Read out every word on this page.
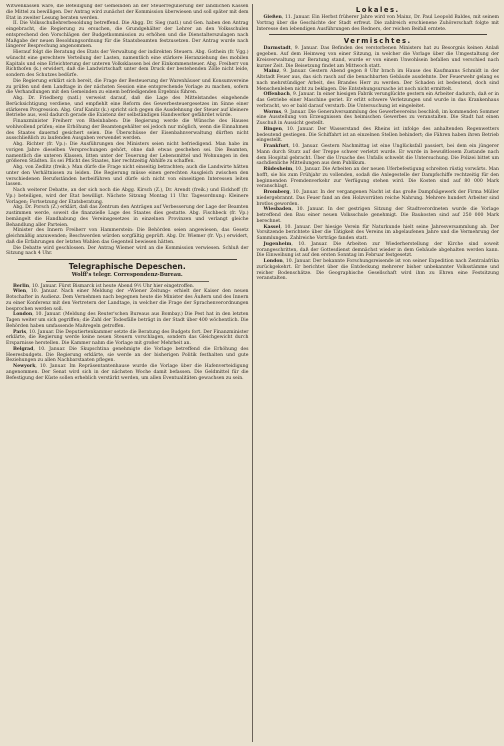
Witwenkassen wäre, die Beteiligung der Gemeinden an der Steuerregulierung der ländlichen Kassen die Mittel zu bewilligen. Der Antrag wird zunächst der Kommission überwiesen und soll später mit dem Etat in zweiter Lesung beraten werden.

II. Die Volksschullehrerbesoldung betreffend. Die Abgg. Dr. Sieg (natl.) und Gen. haben den Antrag eingebracht, die Regierung zu ersuchen, die Grundgehälter der Lehrer an den Volksschulen entsprechend den Vorschlägen der Budgetkommission zu erhöhen und die Dienstalterszulagen nach Maßgabe der neuen Besoldungsordnung für die Staatsbeamten festzusetzen. Der Antrag wurde nach längerer Besprechung angenommen.

Hierauf folgt die Beratung des Etats der Verwaltung der indirekten Steuern. Abg. Gothein (fr. Vgg.) wünscht eine gerechtere Verteilung der Lasten, namentlich eine stärkere Heranziehung des mobilen Kapitals und eine Erleichterung der unteren Volksklassen bei der Einkommensteuer. Abg. Freiherr von Richthofen (k.) erwidert, daß die Landwirtschaft unter dem Druck der bestehenden Zölle nicht leide, sondern des Schutzes bedürfe.

Die Regierung erklärt sich bereit, die Frage der Besteuerung der Warenhäuser und Konsumvereine zu prüfen und dem Landtage in der nächsten Session eine entsprechende Vorlage zu machen, sofern die Verhandlungen mit den Gemeinden zu einem befriedigenden Ergebnis führen.

Abg. Dr. Friedberg (natl.) verweist darauf, daß die Lage des Mittelstandes eingehende Berücksichtigung verdiene, und empfiehlt eine Reform des Gewerbesteuergesetzes im Sinne einer stärkeren Progression. Abg. Graf Kanitz (k.) spricht sich gegen die Ausdehnung der Steuer auf kleinere Betriebe aus, weil dadurch gerade die Existenz der selbständigen Handwerker gefährdet würde.

Finanzminister Freiherr von Rheinbaben: Die Regierung werde die Wünsche des Hauses wohlwollend prüfen; eine Erhöhung der Beamtengehälter sei jedoch nur möglich, wenn die Einnahmen des Staates dauernd gesichert seien. Die Überschüsse der Eisenbahnverwaltung dürften nicht ausschließlich zu laufenden Ausgaben verwendet werden.

Abg. Richter (fr. Vp.): Die Ausführungen des Ministers seien nicht befriedigend. Man habe im vorigen Jahre dieselben Versprechungen gehört, ohne daß etwas geschehen sei. Die Beamten, namentlich die unteren Klassen, litten unter der Teuerung der Lebensmittel und Wohnungen in den größeren Städten. Es sei Pflicht des Staates, hier rechtzeitig Abhilfe zu schaffen.

Abg. von Zedlitz (freik.): Man dürfe die Frage nicht einseitig betrachten; auch die Landwirte hätten unter den Verhältnissen zu leiden. Die Regierung müsse einen gerechten Ausgleich zwischen den verschiedenen Berufsständen herbeiführen und dürfe sich nicht von einseitigen Interessen leiten lassen.

Nach weiterer Debatte, an der sich noch die Abgg. Kirsch (Z.), Dr. Arendt (freik.) und Eickhoff (fr. Vp.) beteiligen, wird der Etat bewilligt. Nächste Sitzung Montag 11 Uhr. Tagesordnung: Kleinere Vorlagen; Fortsetzung der Etatsberatung.

Abg. Dr. Porsch (Z.) erklärt, daß das Zentrum den Anträgen auf Verbesserung der Lage der Beamten zustimmen werde, soweit die finanzielle Lage des Staates dies gestatte. Abg. Fischbeck (fr. Vp.) bemängelt die Handhabung des Vereinsgesetzes in einzelnen Provinzen und verlangt gleiche Behandlung aller Parteien.

Minister des Innern Freiherr von Hammerstein: Die Behörden seien angewiesen, das Gesetz gleichmäßig anzuwenden; Beschwerden würden sorgfältig geprüft. Abg. Dr. Wiemer (fr. Vp.) erwidert, daß die Erfahrungen der letzten Wahlen das Gegenteil bewiesen hätten.

Die Debatte wird geschlossen. Der Antrag Wiemer wird an die Kommission verwiesen. Schluß der Sitzung nach 4 Uhr.

Telegraphische Depeschen.
Wolff's telegr. Correspondenz-Bureau.

Berlin, 10. Januar. Fürst Bismarck ist heute Abend 9½ Uhr hier eingetroffen.

Wien, 10. Januar. Nach einer Meldung der »Wiener Zeitung« erhielt der Kaiser den neuen Botschafter in Audienz. Dem Vernehmen nach begegnen heute die Minister des Äußern und des Innern zu einer Konferenz mit den Vertretern der Landtage, in welcher die Frage der Sprachenverordnungen besprochen werden soll.

London, 10. Januar. (Meldung des Reuter'schen Bureaus aus Bombay.) Die Pest hat in den letzten Tagen weiter um sich gegriffen; die Zahl der Todesfälle beträgt in der Stadt über 400 wöchentlich. Die Behörden haben umfassende Maßregeln getroffen.

Paris, 10. Januar. Die Deputiertenkammer setzte die Beratung des Budgets fort. Der Finanzminister erklärte, die Regierung werde keine neuen Steuern vorschlagen, sondern das Gleichgewicht durch Ersparnisse herstellen. Die Kammer nahm die Vorlage mit großer Mehrheit an.

Belgrad, 10. Januar. Die Skupschtina genehmigte die Vorlage betreffend die Erhöhung des Heeresbudgets. Die Regierung erklärte, sie werde an der bisherigen Politik festhalten und gute Beziehungen zu allen Nachbarstaaten pflegen.

Newyork, 10. Januar. Im Repräsentantenhause wurde die Vorlage über die Hafenverteidigung angenommen. Der Senat wird sich in der nächsten Woche damit befassen. Die Geldmittel für die Befestigung der Küste sollen erheblich verstärkt werden, um allen Eventualitäten gewachsen zu sein.

Lokales.

Gießen, 11. Januar. Ein Herbst früherer Jahre wird von Mainz, Dr. Paul Leopold Baldes, mit seinem Vortrag über die Geschichte der Stadt erfreut. Die zahlreich erschienene Zuhörerschaft folgte mit Interesse den lebendigen Ausführungen des Redners, der reichen Beifall erntete.

Vermischtes.

Darmstadt, 9. Januar. Das Befinden des verstorbenen Ministers hat zu Besorgnis keinen Anlaß gegeben. Auf dem Heimweg von einer Sitzung, in welcher die Vorlage über die Umgestaltung der Kreisverwaltung zur Beratung stand, wurde er von einem Unwohlsein befallen und verschied nach kurzer Zeit. Die Beisetzung findet am Mittwoch statt.

Mainz, 9. Januar. Gestern Abend gegen 8 Uhr brach im Hause des Kaufmanns Schmidt in der Altstadt Feuer aus, das sich rasch auf die benachbarten Gebäude ausdehnte. Der Feuerwehr gelang es nach mehrstündiger Arbeit, des Brandes Herr zu werden. Der Schaden ist bedeutend, doch sind Menschenleben nicht zu beklagen. Die Entstehungsursache ist noch nicht ermittelt.

Offenbach, 9. Januar. In einer hiesigen Fabrik verunglückte gestern ein Arbeiter dadurch, daß er in das Getriebe einer Maschine geriet. Er erlitt schwere Verletzungen und wurde in das Krankenhaus verbracht, wo er bald darauf verstarb. Die Untersuchung ist eingeleitet.

Worms, 9. Januar. Die Generalversammlung des Gewerbevereins beschloß, im kommenden Sommer eine Ausstellung von Erzeugnissen des heimischen Gewerbes zu veranstalten. Die Stadt hat einen Zuschuß in Aussicht gestellt.

Bingen, 10. Januar. Der Wasserstand des Rheins ist infolge des anhaltenden Regenwetters bedeutend gestiegen. Die Schiffahrt ist an einzelnen Stellen behindert; die Fähren haben ihren Betrieb eingestellt.

Frankfurt, 10. Januar. Gestern Nachmittag ist eine Unglücksfall passiert, bei dem ein jüngerer Mann durch Sturz auf der Treppe schwer verletzt wurde. Er wurde in bewußtlosem Zustande nach dem Hospital gebracht. Über die Ursache des Unfalls schwebt die Untersuchung. Die Polizei bittet um sachdienliche Mitteilungen aus dem Publikum.

Rüdesheim, 10. Januar. Die Arbeiten an der neuen Uferbefestigung schreiten rüstig vorwärts. Man hofft, sie bis zum Frühjahr zu vollenden, sodaß die Anlegestelle der Dampfschiffe rechtzeitig für den beginnenden Fremdenverkehr zur Verfügung stehen wird. Die Kosten sind auf 80 000 Mark veranschlagt.

Bromberg, 10. Januar. In der vergangenen Nacht ist das große Dampfsägewerk der Firma Müller niedergebrannt. Das Feuer fand an den Holzvorräten reiche Nahrung. Mehrere hundert Arbeiter sind brotlos geworden.

Wiesbaden, 10. Januar. In der gestrigen Sitzung der Stadtverordneten wurde die Vorlage betreffend den Bau einer neuen Volksschule genehmigt. Die Baukosten sind auf 250 000 Mark berechnet.

Kassel, 10. Januar. Der hiesige Verein für Naturkunde hielt seine Jahresversammlung ab. Der Vorsitzende berichtete über die Tätigkeit des Vereins im abgelaufenen Jahre und die Vermehrung der Sammlungen. Zahlreiche Vorträge fanden statt.

Jugenheim, 10. Januar. Die Arbeiten zur Wiederherstellung der Kirche sind soweit vorangeschritten, daß der Gottesdienst demnächst wieder in dem Gebäude abgehalten werden kann. Die Einweihung ist auf den ersten Sonntag im Februar festgesetzt.

London, 10. Januar. Der bekannte Forschungsreisende ist von seiner Expedition nach Zentralafrika zurückgekehrt. Er berichtet über die Entdeckung mehrerer bisher unbekannter Volksstämme und reicher Bodenschätze. Die Geographische Gesellschaft wird ihm zu Ehren eine Festsitzung veranstalten.
